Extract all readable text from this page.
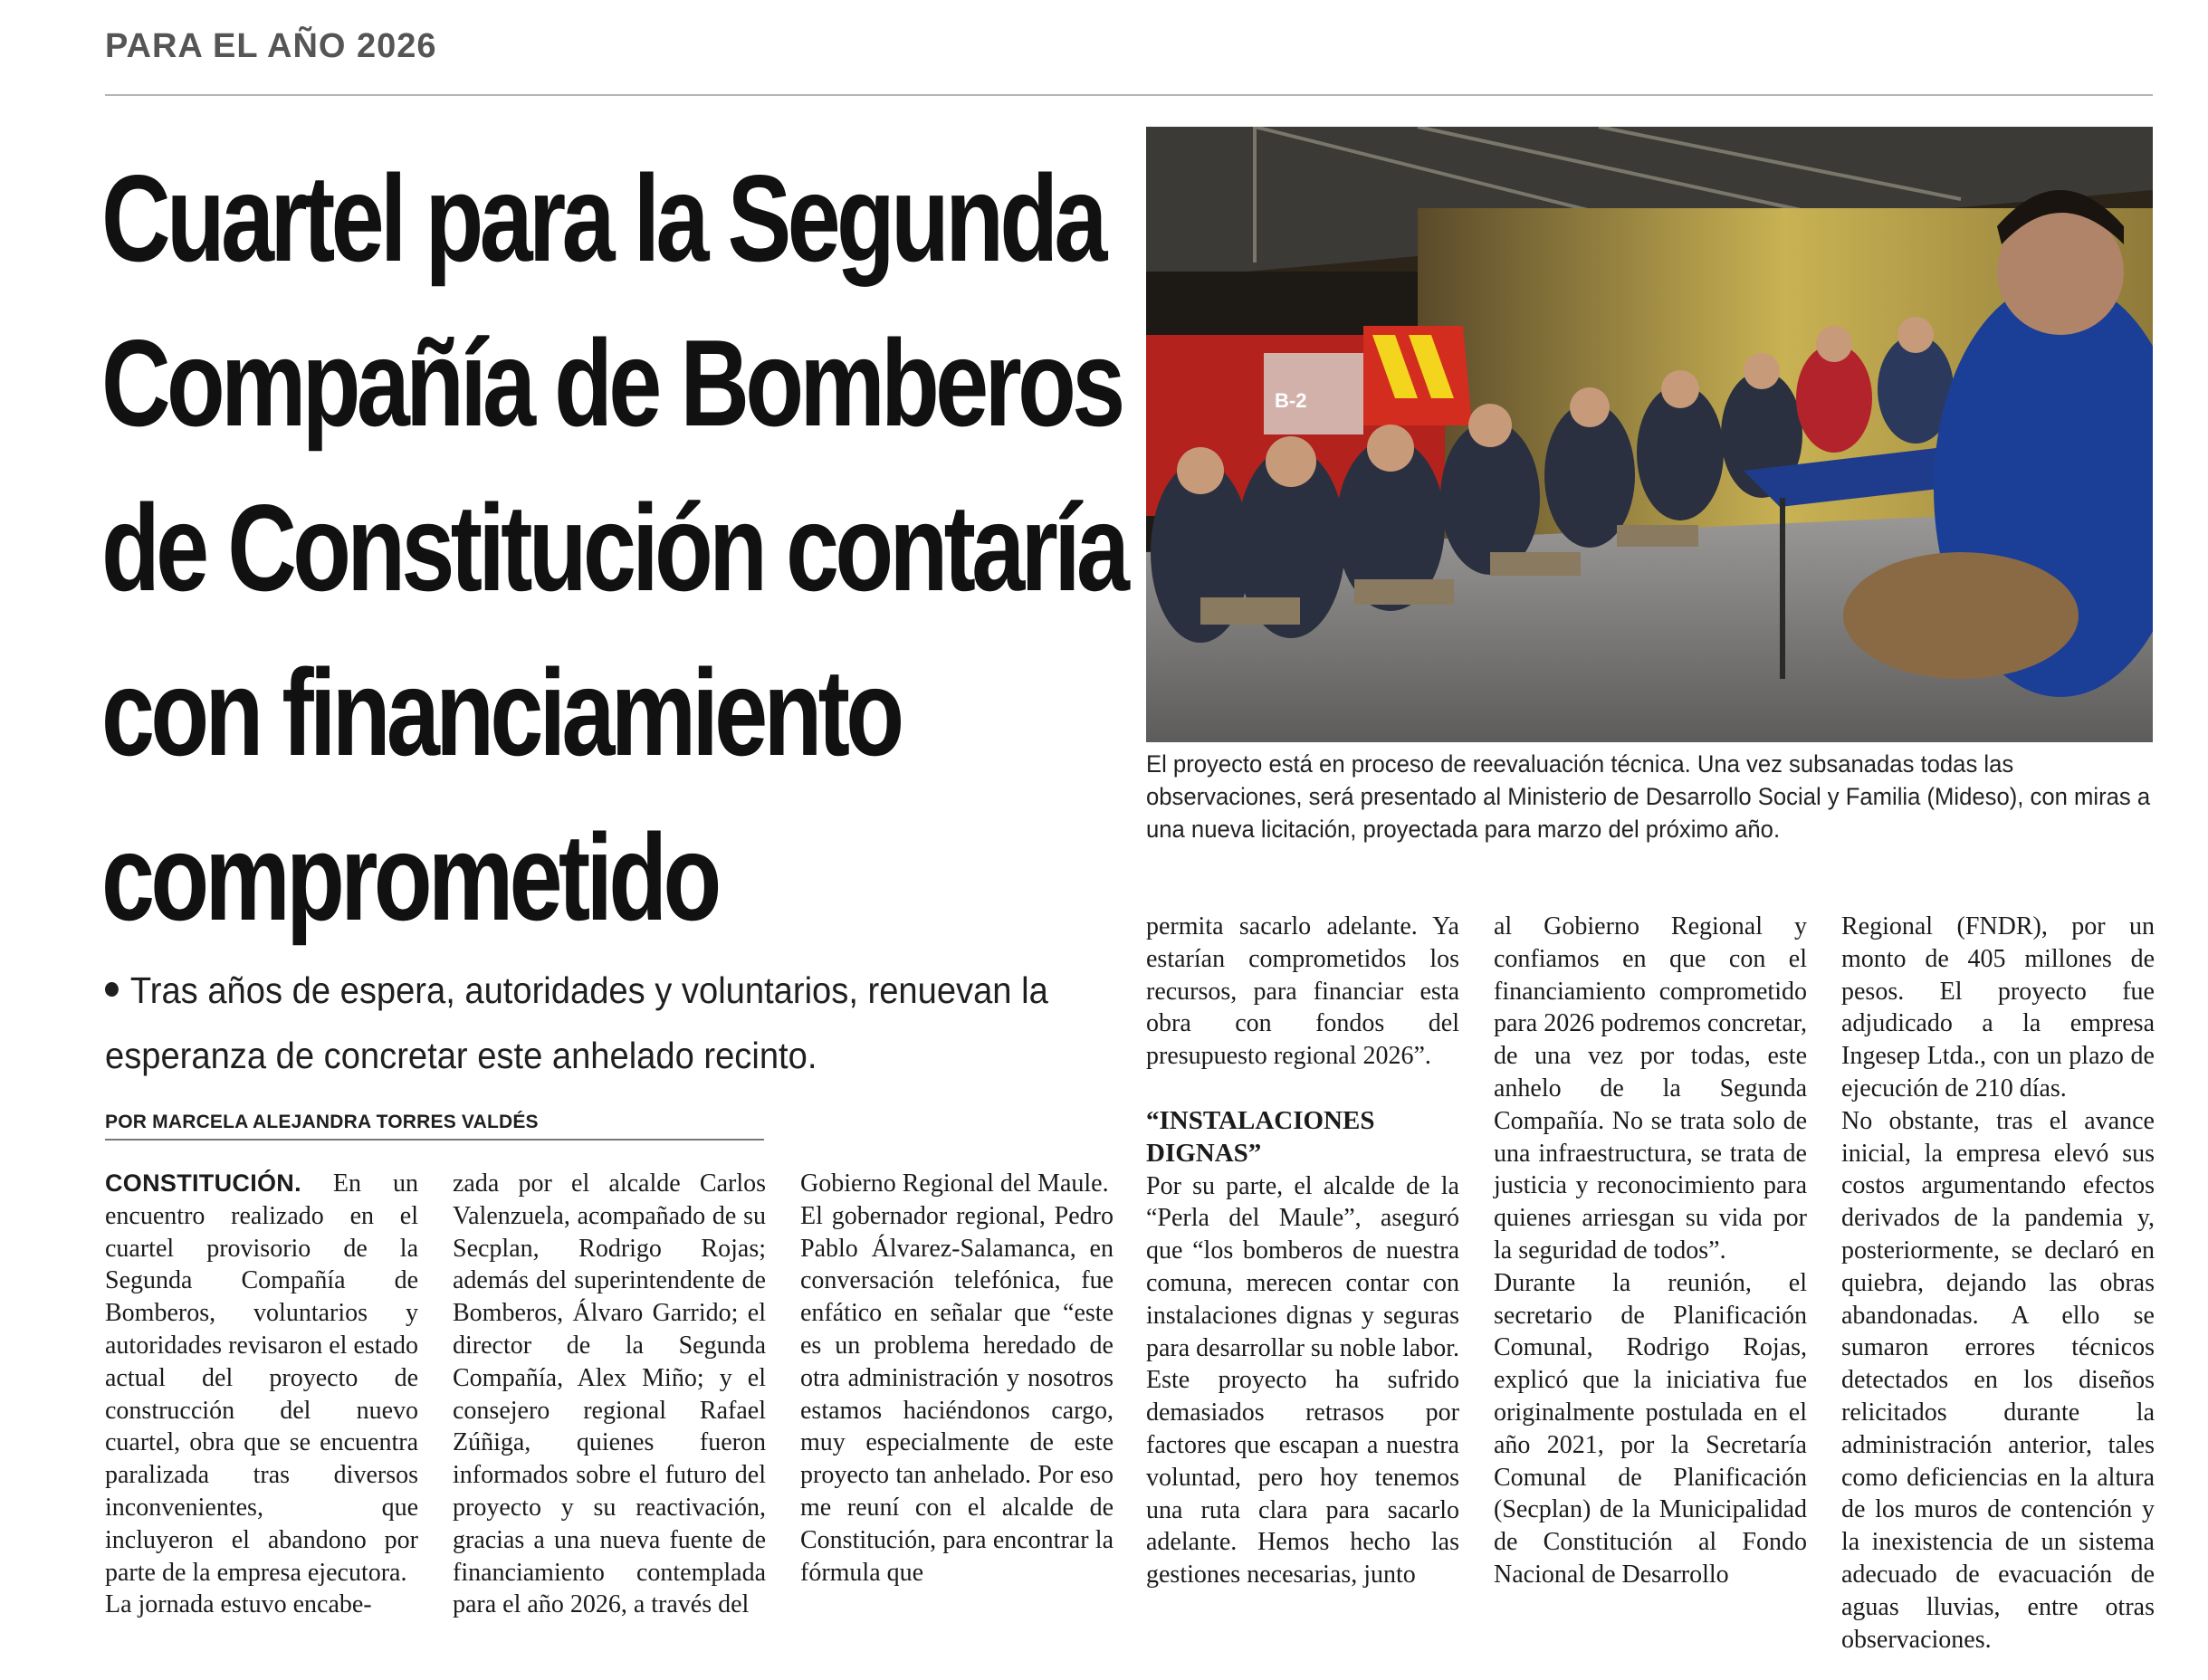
PARA EL AÑO 2026
Cuartel para la Segunda Compañía de Bomberos de Constitución contaría con financiamiento comprometido
B-2

El proyecto está en proceso de reevaluación técnica. Una vez subsanadas todas las observaciones, será presentado al Ministerio de Desarrollo Social y Familia (Mideso), con miras a una nueva licitación, proyectada para marzo del próximo año.

Tras años de espera, autoridades y voluntarios, renuevan la esperanza de concretar este anhelado recinto.

POR MARCELA ALEJANDRA TORRES VALDÉS

CONSTITUCIÓN. En un encuentro realizado en el cuartel provisorio de la Segunda Compañía de Bomberos, voluntarios y autoridades revisaron el estado actual del proyecto de construcción del nuevo cuartel, obra que se encuentra paralizada tras diversos inconvenientes, que incluyeron el abandono por parte de la empresa ejecutora.

La jornada estuvo encabe-

zada por el alcalde Carlos Valenzuela, acompañado de su Secplan, Rodrigo Rojas; además del superintendente de Bomberos, Álvaro Garrido; el director de la Segunda Compañía, Alex Miño; y el consejero regional Rafael Zúñiga, quienes fueron informados sobre el futuro del proyecto y su reactivación, gracias a una nueva fuente de financiamiento contemplada para el año 2026, a través del

Gobierno Regional del Maule.

El gobernador regional, Pedro Pablo Álvarez-Salamanca, en conversación telefónica, fue enfático en señalar que “este es un problema heredado de otra administración y nosotros estamos haciéndonos cargo, muy especialmente de este proyecto tan anhelado. Por eso me reuní con el alcalde de Constitución, para encontrar la fórmula que

permita sacarlo adelante. Ya estarían comprometidos los recursos, para financiar esta obra con fondos del presupuesto regional 2026”.

“INSTALACIONES DIGNAS”

Por su parte, el alcalde de la “Perla del Maule”, aseguró que “los bomberos de nuestra comuna, merecen contar con instalaciones dignas y seguras para desarrollar su noble labor. Este proyecto ha sufrido demasiados retrasos por factores que escapan a nuestra voluntad, pero hoy tenemos una ruta clara para sacarlo adelante. Hemos hecho las gestiones necesarias, junto

al Gobierno Regional y confiamos en que con el financiamiento comprometido para 2026 podremos concretar, de una vez por todas, este anhelo de la Segunda Compañía. No se trata solo de una infraestructura, se trata de justicia y reconocimiento para quienes arriesgan su vida por la seguridad de todos”.

Durante la reunión, el secretario de Planificación Comunal, Rodrigo Rojas, explicó que la iniciativa fue originalmente postulada en el año 2021, por la Secretaría Comunal de Planificación (Secplan) de la Municipalidad de Constitución al Fondo Nacional de Desarrollo

Regional (FNDR), por un monto de 405 millones de pesos. El proyecto fue adjudicado a la empresa Ingesep Ltda., con un plazo de ejecución de 210 días.

No obstante, tras el avance inicial, la empresa elevó sus costos argumentando efectos derivados de la pandemia y, posteriormente, se declaró en quiebra, dejando las obras abandonadas. A ello se sumaron errores técnicos detectados en los diseños relicitados durante la administración anterior, tales como deficiencias en la altura de los muros de contención y la inexistencia de un sistema adecuado de evacuación de aguas lluvias, entre otras observaciones.
